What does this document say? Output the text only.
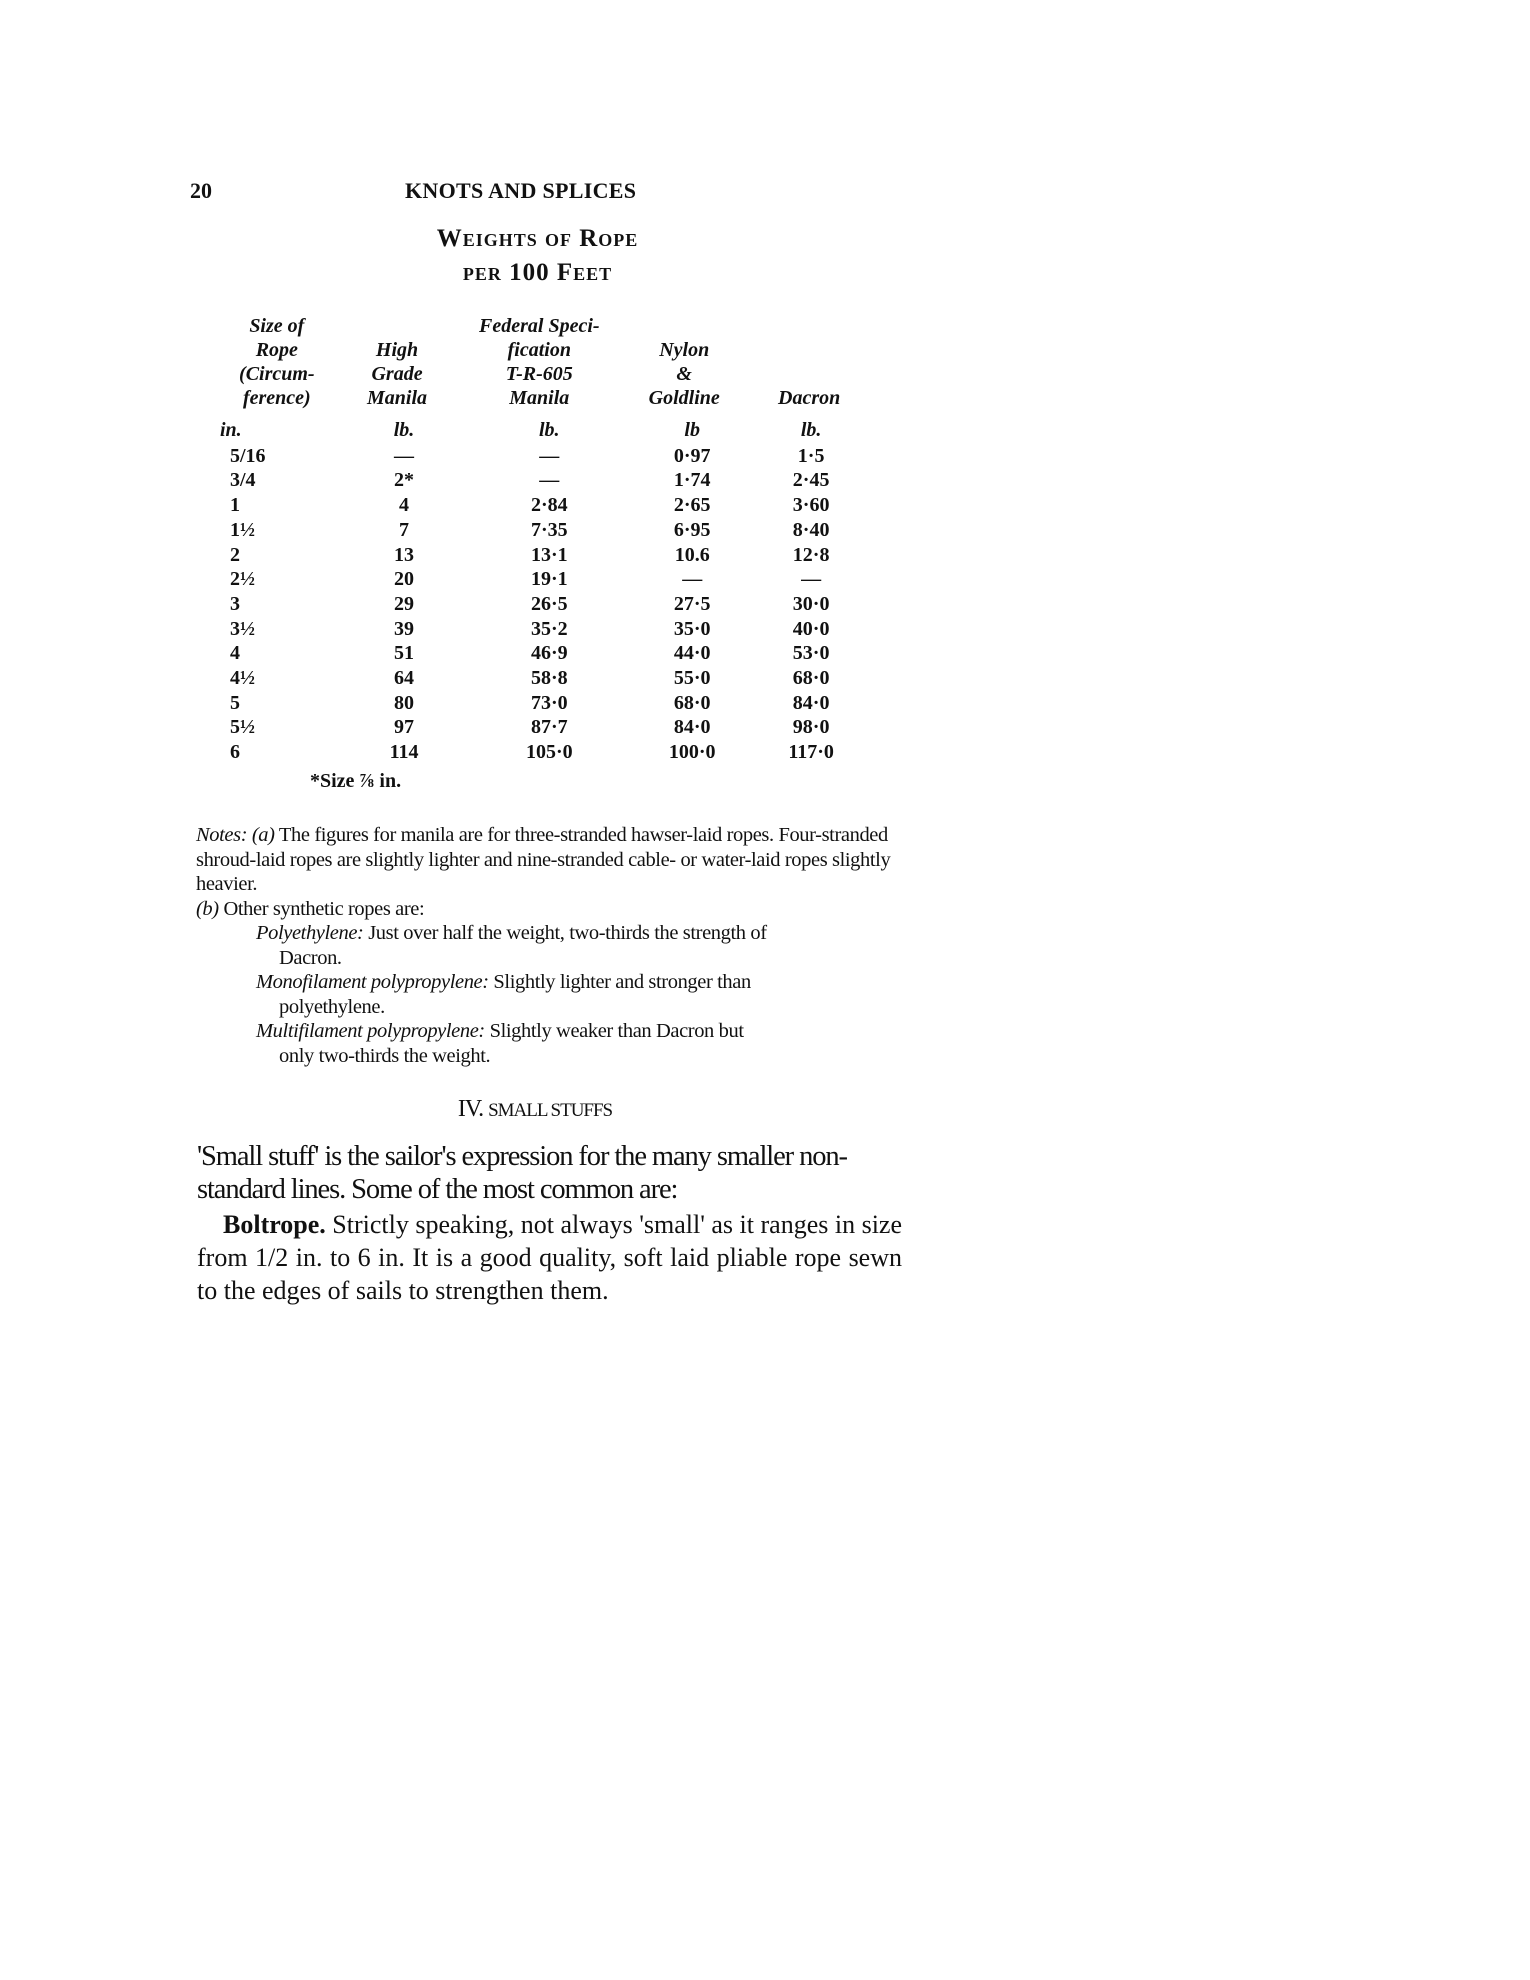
20	KNOTS AND SPLICES
Weights of Rope
per 100 Feet
Size of
Rope
(Circum-
ference)	High
Grade
Manila	Federal Speci-
fication
T-R-605
Manila	Nylon
&
Goldline	Dacron
in.	lb.	lb.	lb	lb.
5/16	—	—	0·97	1·5
3/4	2*	—	1·74	2·45
1	4	2·84	2·65	3·60
1½	7	7·35	6·95	8·40
2	13	13·1	10.6	12·8
2½	20	19·1	—	—
3	29	26·5	27·5	30·0
3½	39	35·2	35·0	40·0
4	51	46·9	44·0	53·0
4½	64	58·8	55·0	68·0
5	80	73·0	68·0	84·0
5½	97	87·7	84·0	98·0
6	114	105·0	100·0	117·0
*Size ⅞ in.

Notes: (a) The figures for manila are for three-stranded hawser-laid ropes. Four-stranded shroud-laid ropes are slightly lighter and nine-stranded cable- or water-laid ropes slightly heavier.

(b) Other synthetic ropes are:

Polyethylene: Just over half the weight, two-thirds the strength of
Dacron.

Monofilament polypropylene: Slightly lighter and stronger than
polyethylene.

Multifilament polypropylene: Slightly weaker than Dacron but
only two-thirds the weight.

IV. SMALL STUFFS

'Small stuff' is the sailor's expression for the many smaller non-standard lines. Some of the most common are:

Boltrope. Strictly speaking, not always 'small' as it ranges in size from 1/2 in. to 6 in. It is a good quality, soft laid pliable rope sewn to the edges of sails to strengthen them.
